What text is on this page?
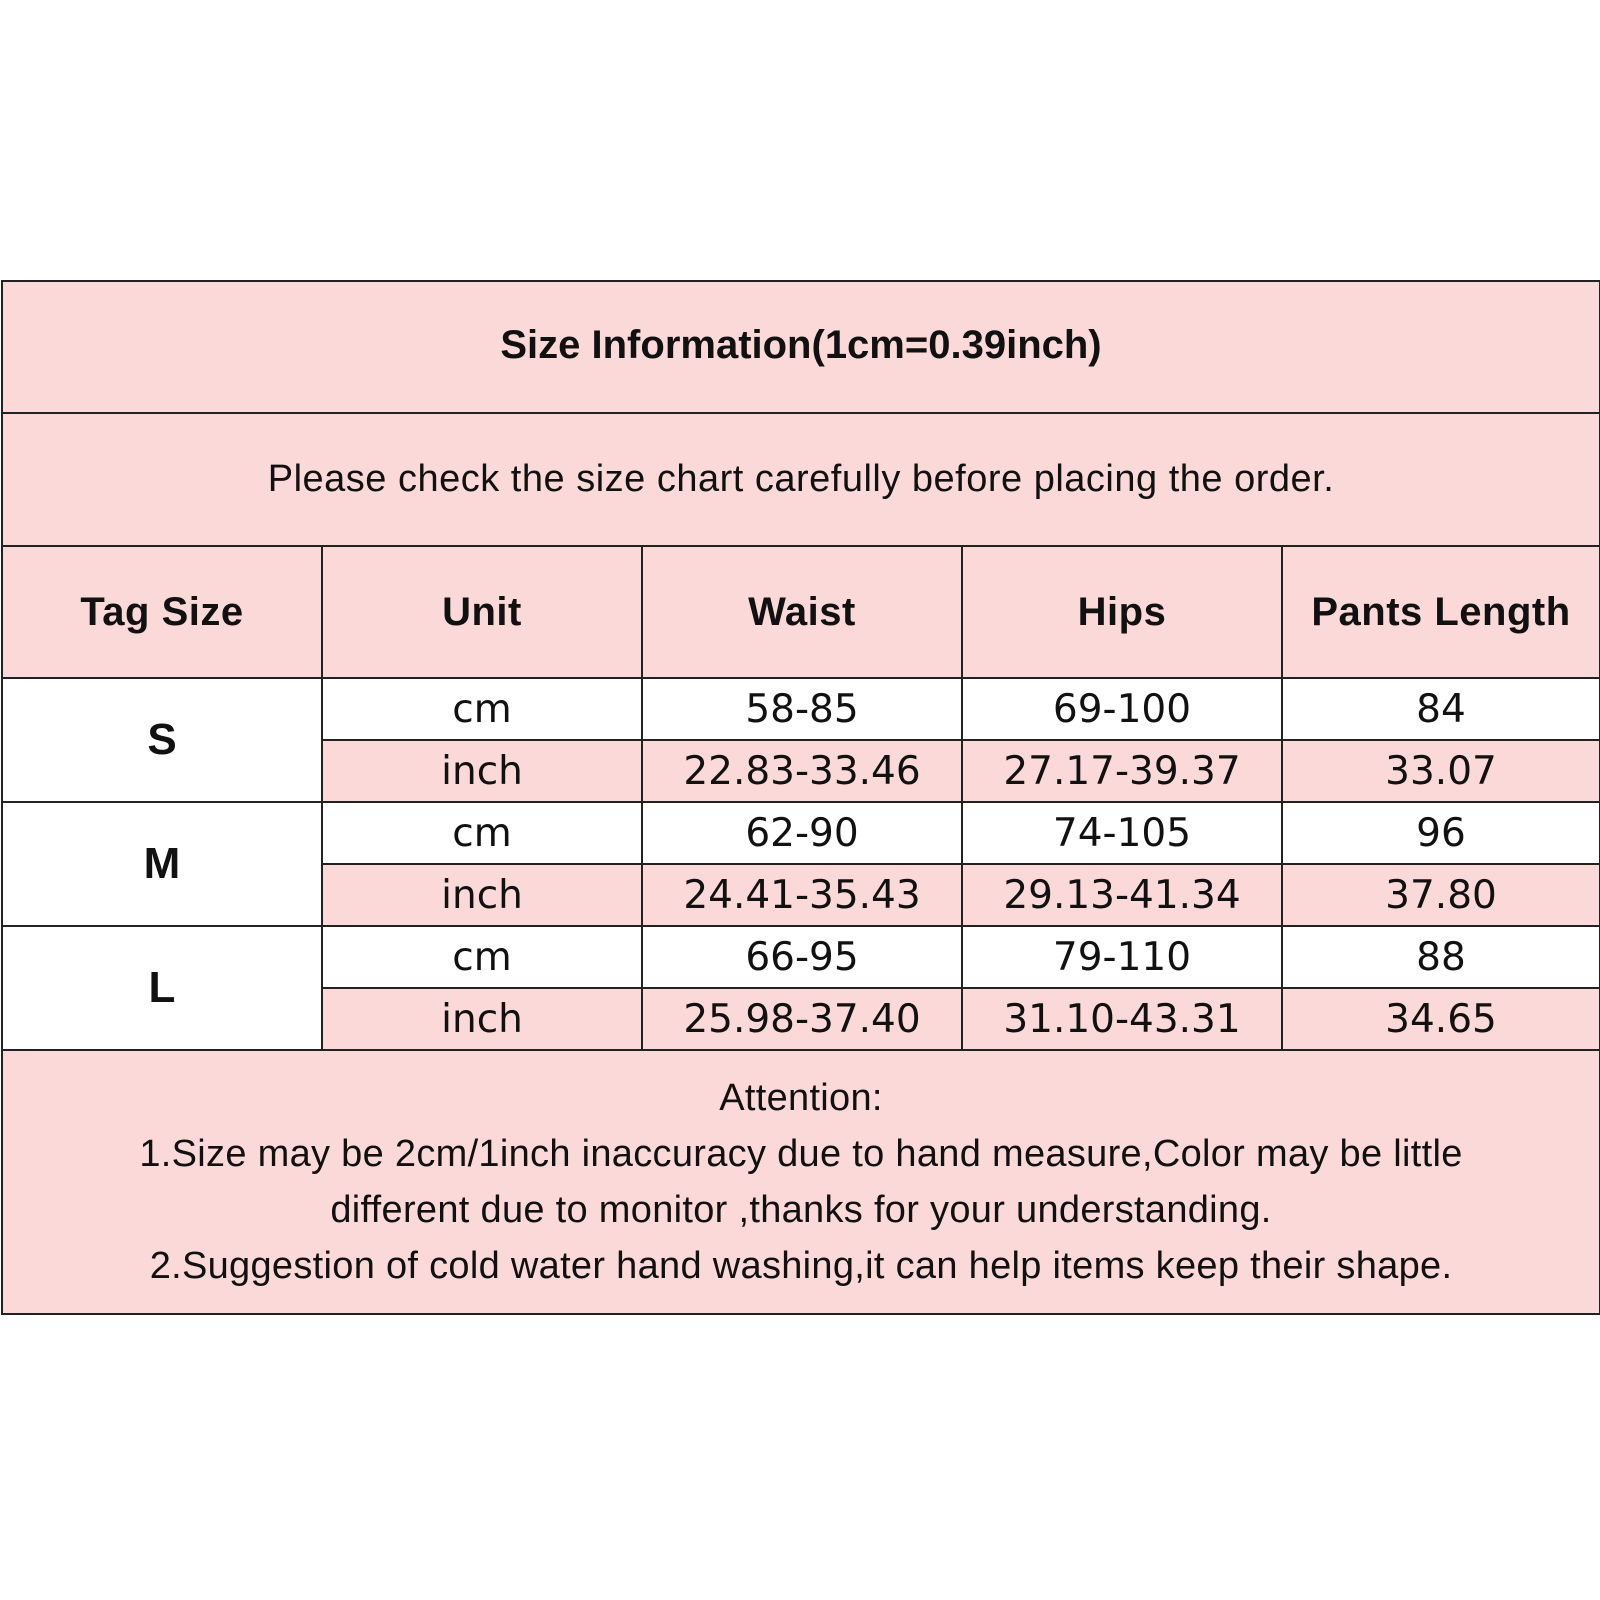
Size Information(1cm=0.39inch)				

Please check the size chart carefully before placing the order.				
Tag Size	Unit	Waist	Hips	Pants Length
S	cm	58-85	69-100	84
	inch	22.83-33.46	27.17-39.37	33.07
M	cm	62-90	74-105	96
	inch	24.41-35.43	29.13-41.34	37.80
L	cm	66-95	79-110	88
	inch	25.98-37.40	31.10-43.31	34.65

Attention:
1.Size may be 2cm/1inch inaccuracy due to hand measure,Color may be little
different due to monitor ,thanks for your understanding.
2.Suggestion of cold water hand washing,it can help items keep their shape.				
